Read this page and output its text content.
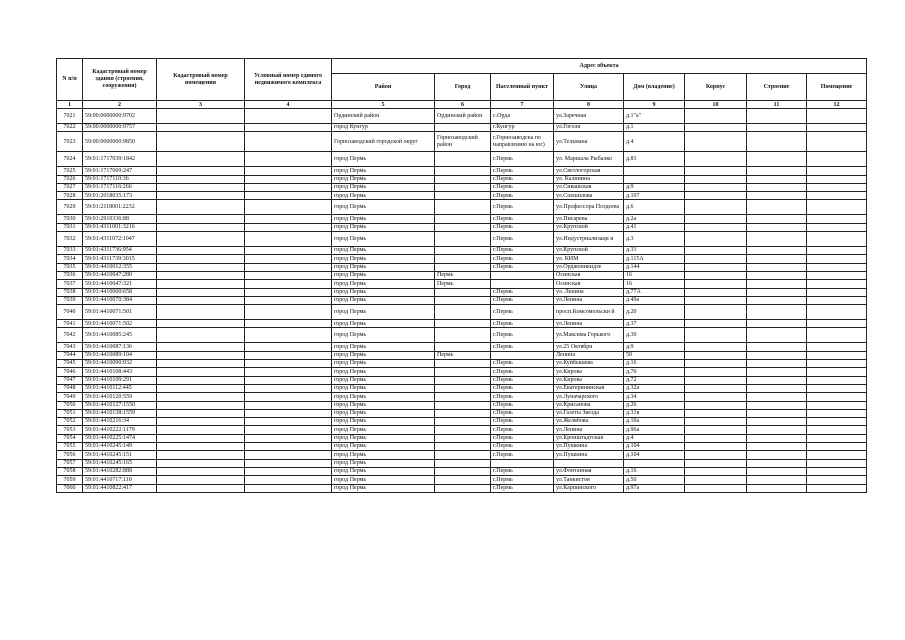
N п/п	Кадастровый номер здания (строения, сооружения)	Кадастровый номер помещения	Условный номер единого недвижимого комплекса	Адрес объекта							
				Район	Город	Населенный пункт	Улица	Дом (владение)	Корпус	Строение	Помещение
1	2	3	4	5	6	7	8	9	10	11	12
7021	59:00:0000000:9702			Ординский район	Ординский район	с.Орда	ул.Заречная	д.1"а"			
7022	59:00:0000000:9757			город Кунгур		г.Кунгур	ул.Гоголя	д.1			
7023	59:00:0000000:9850			Горнозаводский городской округ	Горнозаводский район	г.Горнозаводска по направлению на юг)	ул.Тельмана	д.4			
7024	59:01:1717039:1842			город Пермь		г.Пермь	ул. Маршала Рыбалко	д.81			
7025	59:01:1717069:247			город Пермь		г.Пермь	ул.Светлогорская				
7026	59:01:1717110:36			город Пермь		г.Пермь	ул. Калинина				
7027	59:01:1717116:266			город Пермь		г.Пермь	ул.Сивашская	д.9			
7028	59:01:2018035:173			город Пермь		г.Пермь	ул.Спешилова	д.107			
7029	59:01:2118001:2232			город Пермь		г.Пермь	ул.Профессора Поздеева	д.6			
7030	59:01:2910336:88			город Пермь		г.Пермь	ул.Писарева	д.2а			
7031	59:01:4311001:3216			город Пермь		г.Пермь	ул.Крупской	д.41			
7032	59:01:4311072:1047			город Пермь		г.Пермь	ул.Индустриализаци и	д.3			
7033	59:01:4311736:954			город Пермь		г.Пермь	ул.Крупской	д.31			
7034	59:01:4311739:3015			город Пермь		г.Пермь	ул. КИМ	д.115А			
7035	59:01:4410012:355			город Пермь		г.Пермь	ул.Орджоникидзе	д.144			
7036	59:01:4410047:280			город Пермь	Пермь		Осинская	16			
7037	59:01:4410047:321			город Пермь	Пермь		Осинская	16			
7038	59:01:4410060:658			город Пермь		г.Пермь	ул. Ленина	д.77А			
7039	59:01:4410070:384			город Пермь		г.Пермь	ул.Ленина	д.49а			
7040	59:01:4410071:501			город Пермь		г.Пермь	просп.Комсомольски й	д.20			
7041	59:01:4410071:502			город Пермь		г.Пермь	ул.Ленина	д.37			
7042	59:01:4410085:245			город Пермь		г.Пермь	ул.Максима Горького	д.30			
7043	59:01:4410087:136			город Пермь		г.Пермь	ул.25 Октября	д.9			
7044	59:01:4410089:104			город Пермь	Пермь		Ленина	50			
7045	59:01:4410090:932			город Пермь		г.Пермь	ул.Куйбышева	д.16			
7046	59:01:4410108:443			город Пермь		г.Пермь	ул.Кирова	д.76			
7047	59:01:4410109:291			город Пермь		г.Пермь	ул.Кирова	д.72			
7048	59:01:4410112:445			город Пермь		г.Пермь	ул.Екатерининская	д.32а			
7049	59:01:4410120:559			город Пермь		г.Пермь	ул.Луначарского	д.34			
7050	59:01:4410127:1550			город Пермь		г.Пермь	ул.Крисанова	д.26			
7051	59:01:4410138:1559			город Пермь		г.Пермь	ул.Газеты Звезда	д.31в			
7052	59:01:4410216:34			город Пермь		г.Пермь	ул.Желябова	д.10а			
7053	59:01:4410222:1179			город Пермь		г.Пермь	ул.Ленина	д.96а			
7054	59:01:4410225:1474			город Пермь		г.Пермь	ул.Кронштадтская	д.4			
7055	59:01:4410245:149			город Пермь		г.Пермь	ул.Пушкина	д.104			
7056	59:01:4410245:151			город Пермь		г.Пермь	ул.Пушкина	д.104			
7057	59:01:4410245:165			город Пермь							
7058	59:01:4410282:888			город Пермь		г.Пермь	ул.Фонтанная	д.16			
7059	59:01:4410717:110			город Пермь		г.Пермь	ул.Танкистов	д.50			
7060	59:01:4410822:417			город Пермь		г.Пермь	ул.Карпинского	д.97а			
